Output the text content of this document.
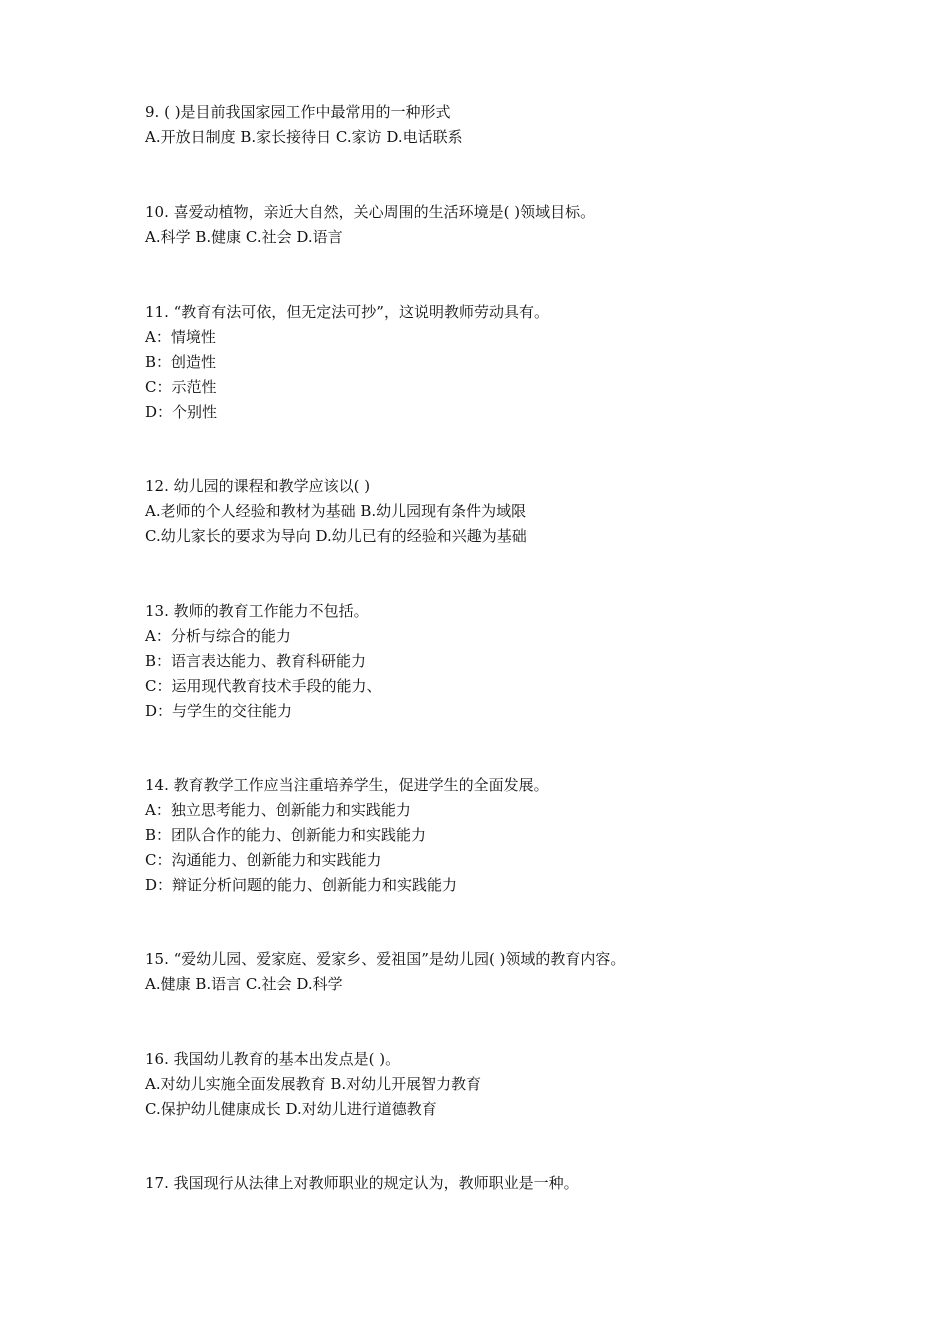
9. ( )是目前我国家园工作中最常用的一种形式
A.开放日制度 B.家长接待日 C.家访 D.电话联系
10. 喜爱动植物，亲近大自然，关心周围的生活环境是( )领域目标。
A.科学 B.健康 C.社会 D.语言
11. “教育有法可依，但无定法可抄”，这说明教师劳动具有。
A：情境性
B：创造性
C：示范性
D：个别性
12. 幼儿园的课程和教学应该以( )
A.老师的个人经验和教材为基础 B.幼儿园现有条件为域限
C.幼儿家长的要求为导向 D.幼儿已有的经验和兴趣为基础
13. 教师的教育工作能力不包括。
A：分析与综合的能力
B：语言表达能力、教育科研能力
C：运用现代教育技术手段的能力、
D：与学生的交往能力
14. 教育教学工作应当注重培养学生，促进学生的全面发展。
A：独立思考能力、创新能力和实践能力
B：团队合作的能力、创新能力和实践能力
C：沟通能力、创新能力和实践能力
D：辩证分析问题的能力、创新能力和实践能力
15. “爱幼儿园、爱家庭、爱家乡、爱祖国”是幼儿园( )领域的教育内容。
A.健康 B.语言 C.社会 D.科学
16. 我国幼儿教育的基本出发点是( )。
A.对幼儿实施全面发展教育 B.对幼儿开展智力教育
C.保护幼儿健康成长 D.对幼儿进行道德教育
17. 我国现行从法律上对教师职业的规定认为，教师职业是一种。
